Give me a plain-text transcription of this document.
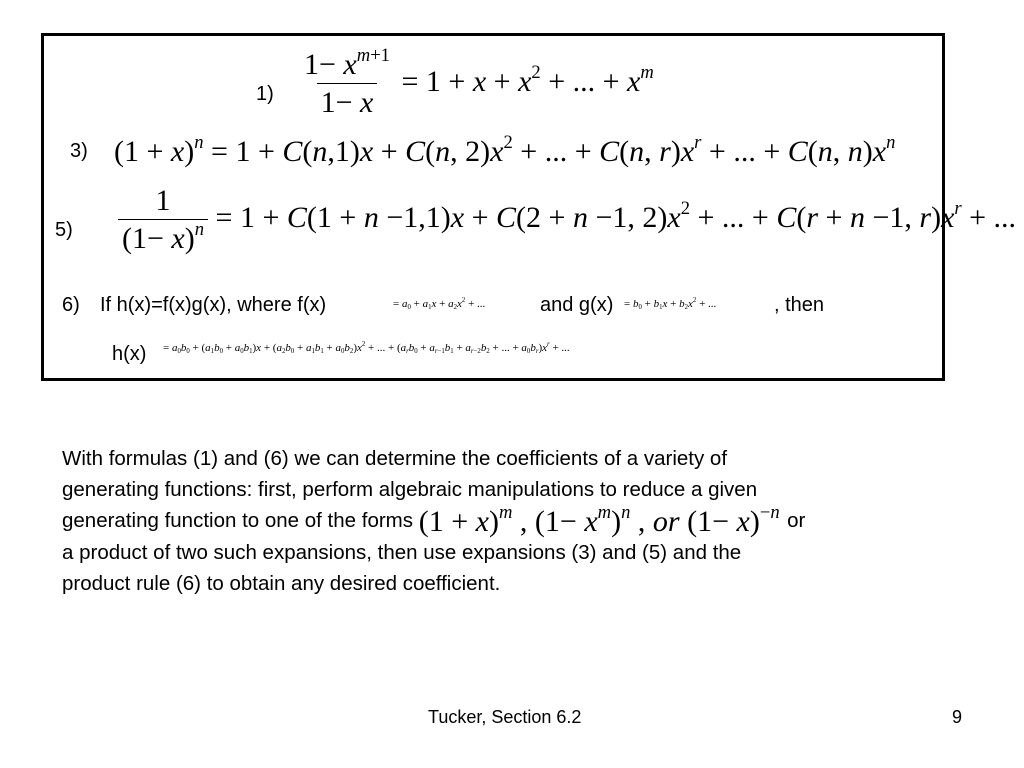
$1) \frac{1- x^{m+1}}{1- x} = 1 + x + x^2$ + ... + $x^m$
3) $(1 + x)^n = 1 + C(n,1)x + C(n$, $2)x^2$ + ... + C(n, $r)x^r$ + ... + C(n, $n)x^n$
$5) \frac{1}{(1- x)^n} = 1 + C(1 + n -1,1)x + C(2 + n -1$, $2)x^2$ + ... + C(r + n −1, $r)x^r$ + ...
6) If h(x)=f(x)g(x), where f(x)	= $a_0 + a_1x + a_2x^2$ + ...	and $g(x) = b_0 + b_1x + b_2x^2$ + ...	, then
$h(x) = a_0b_0 + (a_1b_0 + a_0b_1)x + (a_2b_0 + a_1b_1 + a_0b_2)x^2$ + ... + ($a_rb_0 + a_{r-1}b_1 + a_{r-2}b_2$ + ... + $a_0b_r)x^r$ + ...
With formulas (1) and (6) we can determine the coefficients of a variety of
generating functions: first, perform algebraic manipulations to reduce a given
generating function to one of the forms $(1 + x)^m$ , $(1- x^m)^n$ , or $(1- x)^{-n}$ or
a product of two such expansions, then use expansions (3) and (5) and the
product rule (6) to obtain any desired coefficient.
Tucker, Section 6.2	9
